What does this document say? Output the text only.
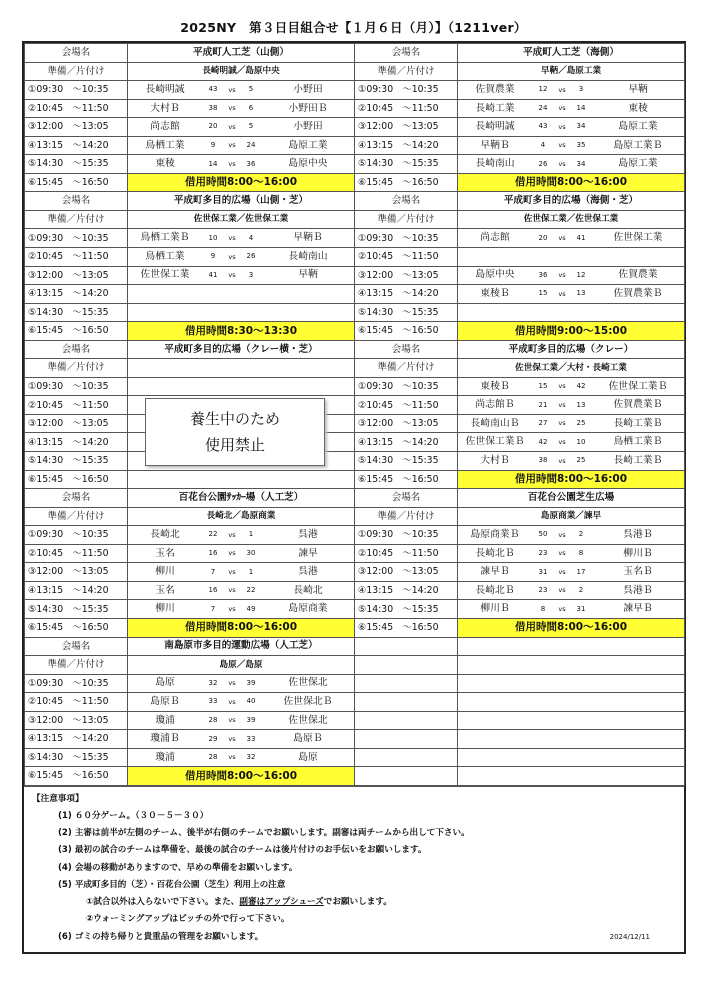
2025NY　第３日目組合せ【１月６日（月）】（1211ver）
会場名	平成町人工芝（山側）	会場名	平成町人工芝（海側）
準備／片付け	長崎明誠／島原中央	準備／片付け	早鞆／島原工業
①09:30　～10:35	長崎明誠 43 vs 5 小野田	①09:30　～10:35	佐賀農業 12 vs 3 早鞆

②10:45　～11:50	大村Ｂ 38 vs 6 小野田Ｂ	②10:45　～11:50	長崎工業 24 vs 14 東稜

③12:00　～13:05	尚志館 20 vs 5 小野田	③12:00　～13:05	長崎明誠 43 vs 34 島原工業

④13:15　～14:20	鳥栖工業 9 vs 24 島原工業	④13:15　～14:20	早鞆Ｂ 4 vs 35 島原工業Ｂ

⑤14:30　～15:35	東稜 14 vs 36 島原中央	⑤14:30　～15:35	長崎南山 26 vs 34 島原工業

⑥15:45　～16:50	借用時間8:00～16:00	⑥15:45　～16:50	借用時間8:00～16:00
会場名	平成町多目的広場（山側・芝）	会場名	平成町多目的広場（海側・芝）
準備／片付け	佐世保工業／佐世保工業	準備／片付け	佐世保工業／佐世保工業
①09:30　～10:35	鳥栖工業Ｂ 10 vs 4 早鞆Ｂ	①09:30　～10:35	尚志館 20 vs 41 佐世保工業

②10:45　～11:50	鳥栖工業 9 vs 26 長崎南山	②10:45　～11:50	
③12:00　～13:05	佐世保工業 41 vs 3 早鞆	③12:00　～13:05	島原中央 36 vs 12 佐賀農業

④13:15　～14:20		④13:15　～14:20	東稜Ｂ 15 vs 13 佐賀農業Ｂ

⑤14:30　～15:35		⑤14:30　～15:35	
⑥15:45　～16:50	借用時間8:30～13:30	⑥15:45　～16:50	借用時間9:00～15:00
会場名	平成町多目的広場（クレー横・芝）	会場名	平成町多目的広場（クレー）
準備／片付け		準備／片付け	佐世保工業／大村・長崎工業
①09:30　～10:35		①09:30　～10:35	東稜Ｂ 15 vs 42 佐世保工業Ｂ

②10:45　～11:50		②10:45　～11:50	尚志館Ｂ 21 vs 13 佐賀農業Ｂ

③12:00　～13:05		③12:00　～13:05	長崎南山Ｂ 27 vs 25 長崎工業Ｂ

④13:15　～14:20		④13:15　～14:20	佐世保工業Ｂ 42 vs 10 鳥栖工業Ｂ

⑤14:30　～15:35		⑤14:30　～15:35	大村Ｂ 38 vs 25 長崎工業Ｂ

⑥15:45　～16:50		⑥15:45　～16:50	借用時間8:00～16:00
会場名	百花台公園ｻｯｶｰ場（人工芝）	会場名	百花台公園芝生広場
準備／片付け	長崎北／島原商業	準備／片付け	島原商業／諫早
①09:30　～10:35	長崎北 22 vs 1 呉港	①09:30　～10:35	島原商業Ｂ 50 vs 2 呉港Ｂ

②10:45　～11:50	玉名 16 vs 30 諫早	②10:45　～11:50	長崎北Ｂ 23 vs 8 柳川Ｂ

③12:00　～13:05	柳川 7 vs 1 呉港	③12:00　～13:05	諫早Ｂ 31 vs 17 玉名Ｂ

④13:15　～14:20	玉名 16 vs 22 長崎北	④13:15　～14:20	長崎北Ｂ 23 vs 2 呉港Ｂ

⑤14:30　～15:35	柳川 7 vs 49 島原商業	⑤14:30　～15:35	柳川Ｂ 8 vs 31 諫早Ｂ

⑥15:45　～16:50	借用時間8:00～16:00	⑥15:45　～16:50	借用時間8:00～16:00
会場名	南島原市多目的運動広場（人工芝）		
準備／片付け	島原／島原		
①09:30　～10:35	島原 32 vs 39 佐世保北		

②10:45　～11:50	島原Ｂ 33 vs 40 佐世保北Ｂ		

③12:00　～13:05	瓊浦 28 vs 39 佐世保北		

④13:15　～14:20	瓊浦Ｂ 29 vs 33 島原Ｂ		

⑤14:30　～15:35	瓊浦 28 vs 32 島原		

⑥15:45　～16:50	借用時間8:00～16:00		
【注意事項】
(1) ６０分ゲーム。（３０－５－３０）
(2) 主審は前半が左側のチーム、後半が右側のチームでお願いします。副審は両チームから出して下さい。
(3) 最初の試合のチームは準備を、最後の試合のチームは後片付けのお手伝いをお願いします。
(4) 会場の移動がありますので、早めの準備をお願いします。
(5) 平成町多目的（芝）・百花台公園（芝生）利用上の注意
①試合以外は入らないで下さい。また、副審はアップシューズでお願いします。
②ウォーミングアップはピッチの外で行って下さい。
(6) ゴミの持ち帰りと貴重品の管理をお願いします。	2024/12/11
養生中のため
使用禁止
